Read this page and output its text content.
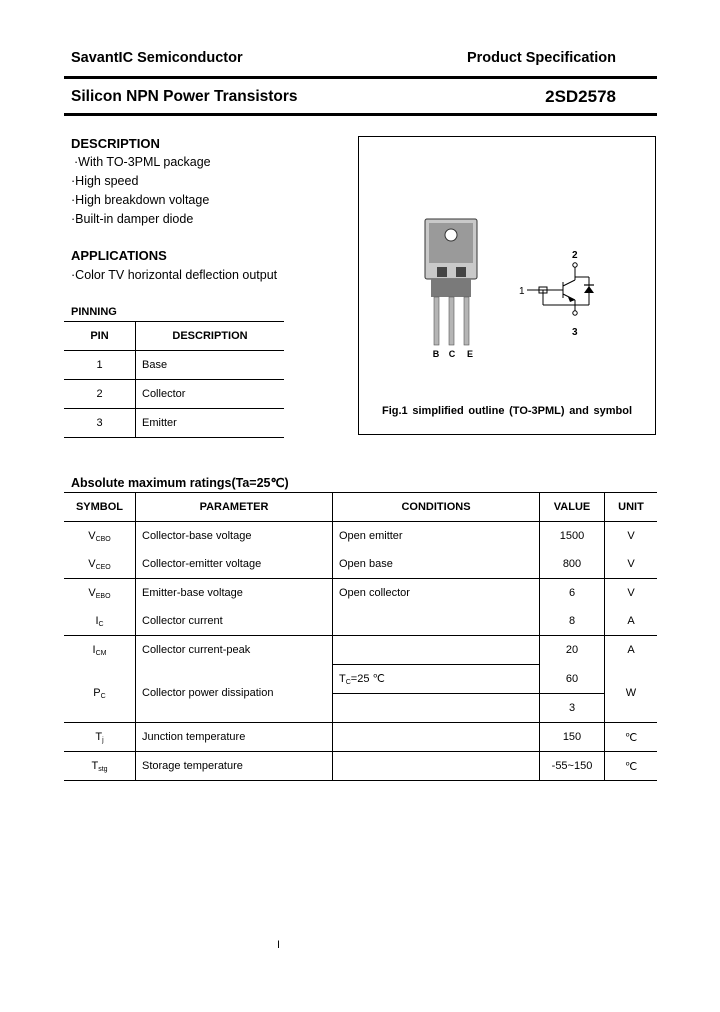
SavantIC Semiconductor	Product Specification
Silicon NPN Power Transistors	2SD2578
DESCRIPTION
·With TO-3PML package
·High speed
·High breakdown voltage
·Built-in damper diode
APPLICATIONS
·Color TV horizontal deflection output
PINNING
PIN	DESCRIPTION
1	Base
2	Collector
3	Emitter
B C E
1
2
3
Fig.1 simplified outline (TO-3PML) and symbol
Absolute maximum ratings(Ta=25℃)
SYMBOL	PARAMETER	CONDITIONS	VALUE	UNIT
$V_{CBO}$	Collector-base voltage	Open emitter	1500	V
$V_{CEO}$	Collector-emitter voltage	Open base	800	V
$V_{EBO}$	Emitter-base voltage	Open collector	6	V
$I_C$	Collector current		8	A
$I_{CM}$	Collector current-peak		20	A
$P_C$	Collector power dissipation	$T_C=25$ ℃	60	W
			3	
$T_j$	Junction temperature		150	℃
$T_{stg}$	Storage temperature		-55~150	℃
Ⅰ
